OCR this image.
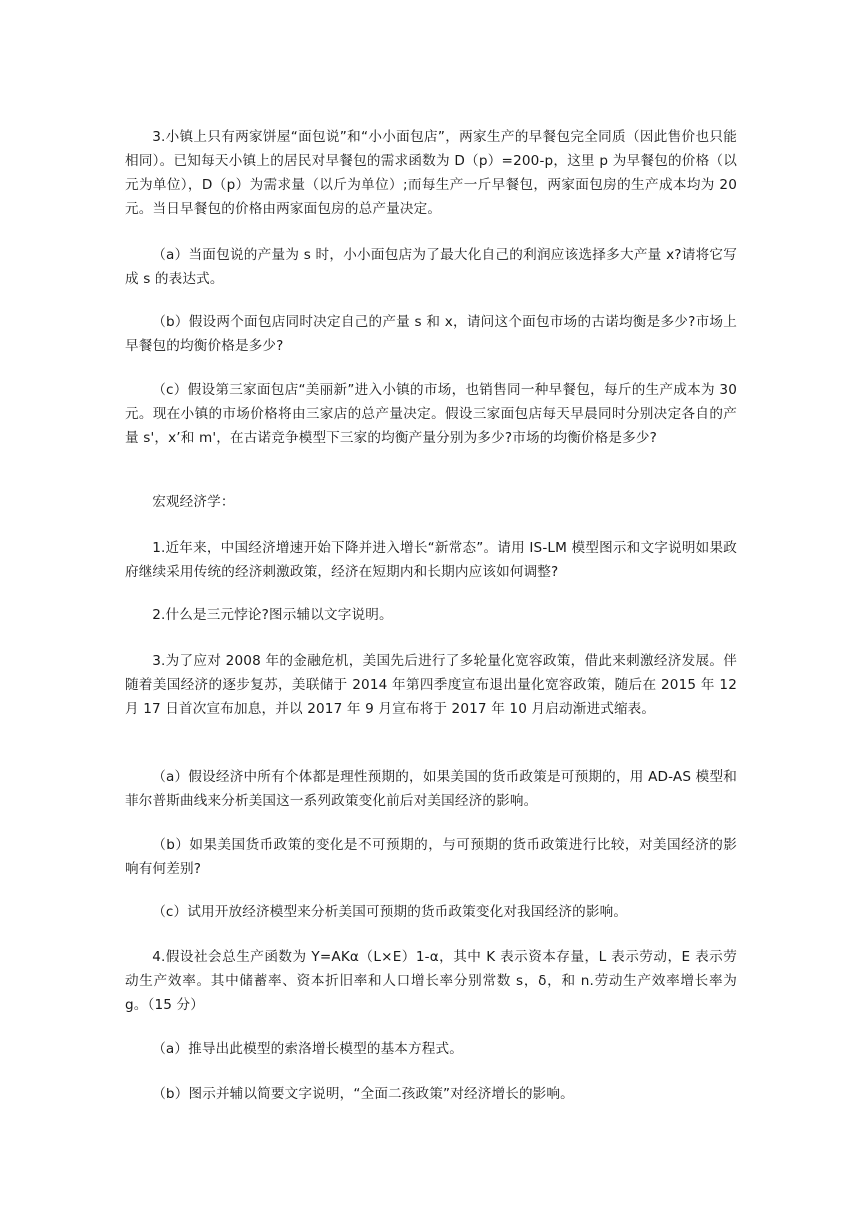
3.小镇上只有两家饼屋“面包说”和“小小面包店”，两家生产的早餐包完全同质（因此售价也只能相同）。已知每天小镇上的居民对早餐包的需求函数为 D（p）=200-p，这里 p 为早餐包的价格（以元为单位），D（p）为需求量（以斤为单位）;而每生产一斤早餐包，两家面包房的生产成本均为 20 元。当日早餐包的价格由两家面包房的总产量决定。

（a）当面包说的产量为 s 时，小小面包店为了最大化自己的利润应该选择多大产量 x?请将它写成 s 的表达式。

（b）假设两个面包店同时决定自己的产量 s 和 x，请问这个面包市场的古诺均衡是多少?市场上早餐包的均衡价格是多少?

（c）假设第三家面包店“美丽新”进入小镇的市场，也销售同一种早餐包，每斤的生产成本为 30 元。现在小镇的市场价格将由三家店的总产量决定。假设三家面包店每天早晨同时分别决定各自的产量 s'，x’和 m'，在古诺竞争模型下三家的均衡产量分别为多少?市场的均衡价格是多少?

宏观经济学：

1.近年来，中国经济增速开始下降并进入增长“新常态”。请用 IS-LM 模型图示和文字说明如果政府继续采用传统的经济刺激政策，经济在短期内和长期内应该如何调整?

2.什么是三元悖论?图示辅以文字说明。

3.为了应对 2008 年的金融危机，美国先后进行了多轮量化宽容政策，借此来刺激经济发展。伴随着美国经济的逐步复苏，美联储于 2014 年第四季度宣布退出量化宽容政策，随后在 2015 年 12 月 17 日首次宣布加息，并以 2017 年 9 月宣布将于 2017 年 10 月启动渐进式缩表。

（a）假设经济中所有个体都是理性预期的，如果美国的货币政策是可预期的，用 AD-AS 模型和菲尔普斯曲线来分析美国这一系列政策变化前后对美国经济的影响。

（b）如果美国货币政策的变化是不可预期的，与可预期的货币政策进行比较，对美国经济的影响有何差别?

（c）试用开放经济模型来分析美国可预期的货币政策变化对我国经济的影响。

4.假设社会总生产函数为 Y=AKα（L×E）1-α，其中 K 表示资本存量，L 表示劳动，E 表示劳动生产效率。其中储蓄率、资本折旧率和人口增长率分别常数 s，δ，和 n.劳动生产效率增长率为 g。（15 分）

（a）推导出此模型的索洛增长模型的基本方程式。

（b）图示并辅以简要文字说明，“全面二孩政策”对经济增长的影响。
